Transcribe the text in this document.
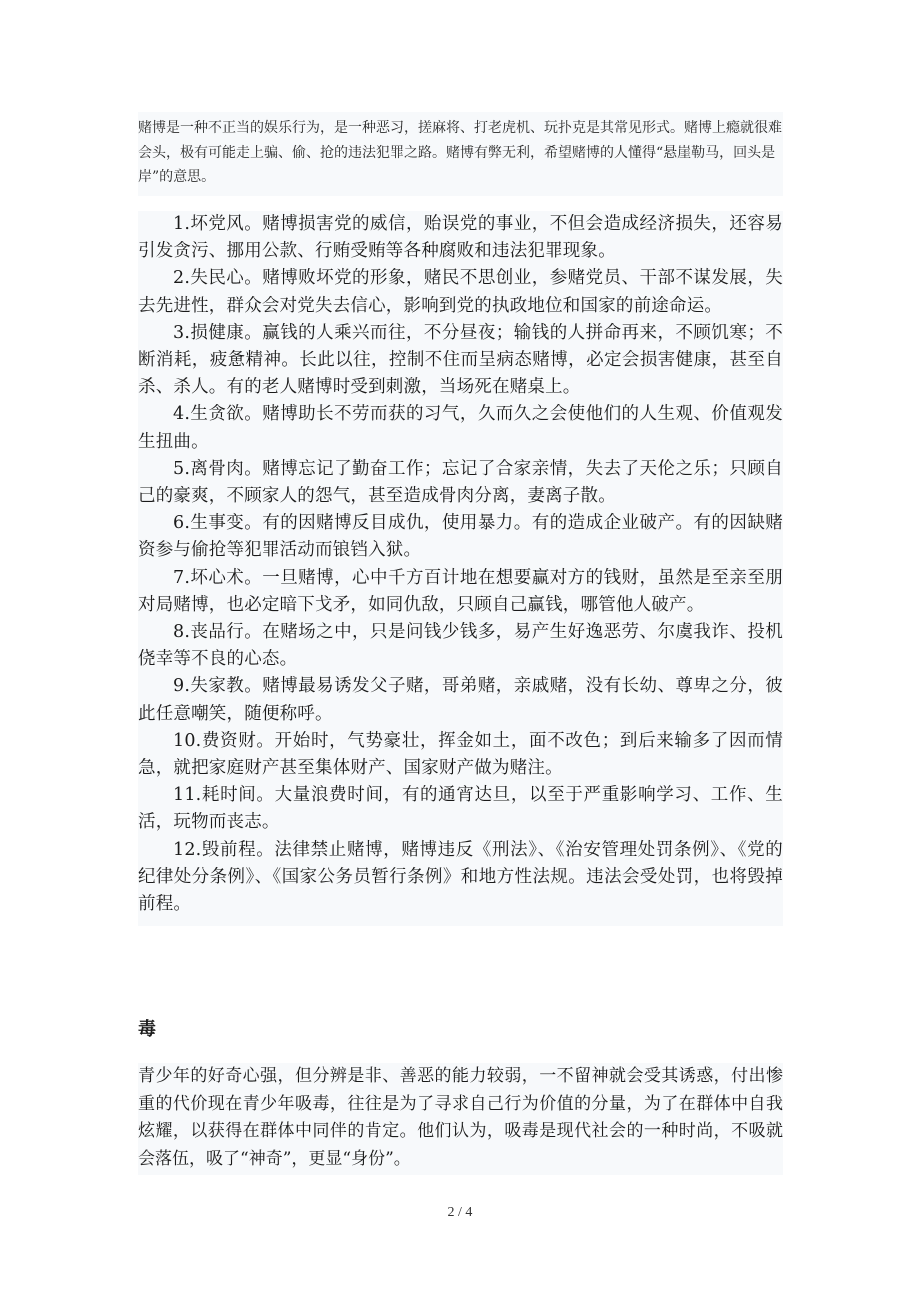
赌博是一种不正当的娱乐行为，是一种恶习，搓麻将、打老虎机、玩扑克是其常见形式。赌博上瘾就很难会头，极有可能走上骗、偷、抢的违法犯罪之路。赌博有弊无利，希望赌博的人懂得“悬崖勒马，回头是岸”的意思。

1.坏党风。赌博损害党的威信，贻误党的事业，不但会造成经济损失，还容易引发贪污、挪用公款、行贿受贿等各种腐败和违法犯罪现象。

2.失民心。赌博败坏党的形象，赌民不思创业，参赌党员、干部不谋发展，失去先进性，群众会对党失去信心，影响到党的执政地位和国家的前途命运。

3.损健康。赢钱的人乘兴而往，不分昼夜；输钱的人拼命再来，不顾饥寒；不断消耗，疲惫精神。长此以往，控制不住而呈病态赌博，必定会损害健康，甚至自杀、杀人。有的老人赌博时受到刺激，当场死在赌桌上。

4.生贪欲。赌博助长不劳而获的习气，久而久之会使他们的人生观、价值观发生扭曲。

5.离骨肉。赌博忘记了勤奋工作；忘记了合家亲情，失去了天伦之乐；只顾自己的豪爽，不顾家人的怨气，甚至造成骨肉分离，妻离子散。

6.生事变。有的因赌博反目成仇，使用暴力。有的造成企业破产。有的因缺赌资参与偷抢等犯罪活动而锒铛入狱。

7.坏心术。一旦赌博，心中千方百计地在想要赢对方的钱财，虽然是至亲至朋对局赌博，也必定暗下戈矛，如同仇敌，只顾自己赢钱，哪管他人破产。

8.丧品行。在赌场之中，只是问钱少钱多，易产生好逸恶劳、尔虞我诈、投机侥幸等不良的心态。

9.失家教。赌博最易诱发父子赌，哥弟赌，亲戚赌，没有长幼、尊卑之分，彼此任意嘲笑，随便称呼。

10.费资财。开始时，气势豪壮，挥金如土，面不改色；到后来输多了因而情急，就把家庭财产甚至集体财产、国家财产做为赌注。

11.耗时间。大量浪费时间，有的通宵达旦，以至于严重影响学习、工作、生活，玩物而丧志。

12.毁前程。法律禁止赌博，赌博违反《刑法》、《治安管理处罚条例》、《党的纪律处分条例》、《国家公务员暂行条例》和地方性法规。违法会受处罚，也将毁掉前程。

毒

青少年的好奇心强，但分辨是非、善恶的能力较弱，一不留神就会受其诱惑，付出惨重的代价现在青少年吸毒，往往是为了寻求自己行为价值的分量，为了在群体中自我炫耀，以获得在群体中同伴的肯定。他们认为，吸毒是现代社会的一种时尚，不吸就会落伍，吸了“神奇”，更显“身份”。

2 / 4
